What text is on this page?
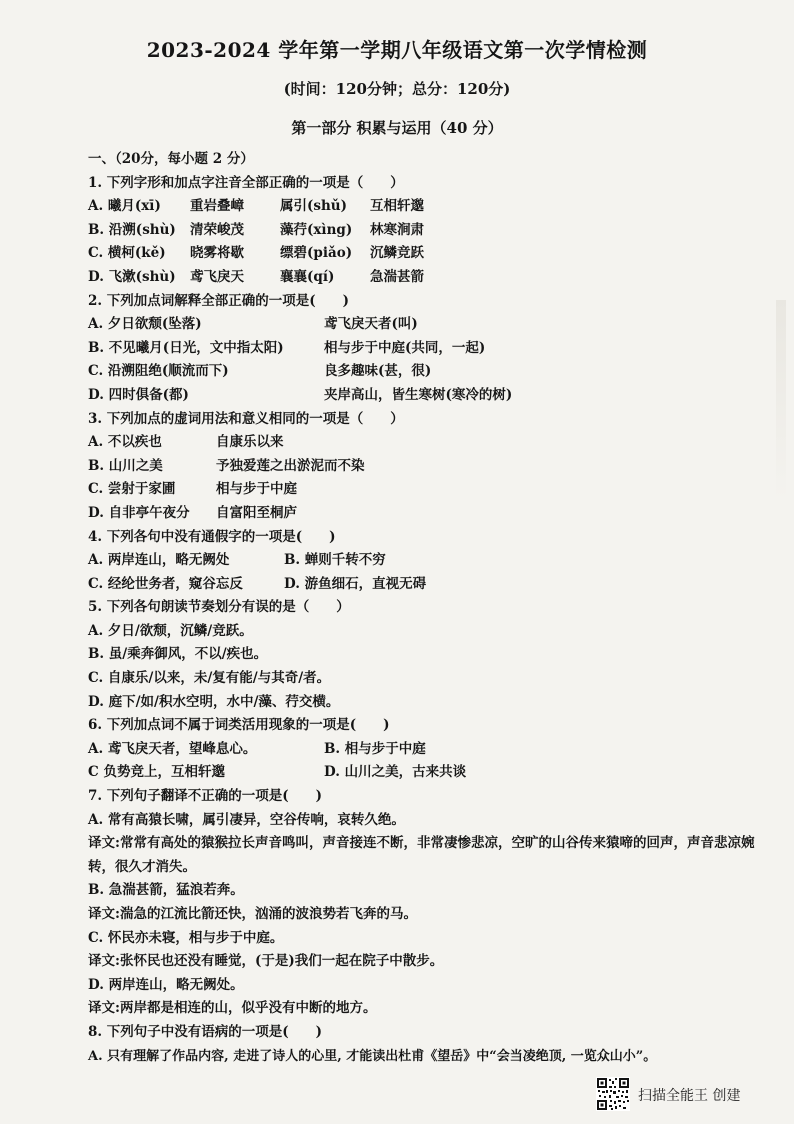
2023-2024 学年第一学期八年级语文第一次学情检测
(时间：120分钟；总分：120分)
第一部分 积累与运用（40 分）
一、（20分，每小题 2 分）
1. 下列字形和加点字注音全部正确的一项是（　　）
A. 曦月(xī) 重岩叠嶂	属引(shǔ) 互相轩邈
B. 沿溯(shù) 清荣峻茂	藻荇(xìng) 林寒涧肃
C. 横柯(kě) 晓雾将歇	缥碧(piǎo) 沉鳞竞跃
D. 飞漱(shù) 鸢飞戾天	襄襄(qí)	急湍甚箭
2. 下列加点词解释全部正确的一项是(　　)
A. 夕日欲颓(坠落)	鸢飞戾天者(叫)
B. 不见曦月(日光，文中指太阳)	相与步于中庭(共同，一起)
C. 沿溯阻绝(顺流而下)	良多趣味(甚，很)
D. 四时俱备(都)	夹岸高山，皆生寒树(寒冷的树)
3. 下列加点的虚词用法和意义相同的一项是（　　）
A. 不以疾也	自康乐以来
B. 山川之美	予独爱莲之出淤泥而不染
C. 尝射于家圃	相与步于中庭
D. 自非亭午夜分 自富阳至桐庐
4. 下列各句中没有通假字的一项是(　　)
A. 两岸连山，略无阙处	B. 蝉则千转不穷
C. 经纶世务者，窥谷忘反	D. 游鱼细石，直视无碍
5. 下列各句朗读节奏划分有误的是（　　）
A. 夕日/欲颓，沉鳞/竞跃。
B. 虽/乘奔御风，不以/疾也。
C. 自康乐/以来，未/复有能/与其奇/者。
D. 庭下/如/积水空明，水中/藻、荇交横。
6. 下列加点词不属于词类活用现象的一项是(　　)
A. 鸢飞戾天者，望峰息心。	B. 相与步于中庭
C 负势竞上，互相轩邈	D. 山川之美，古来共谈
7. 下列句子翻译不正确的一项是(　　)
A. 常有高猿长啸，属引凄异，空谷传响，哀转久绝。
译文:常常有高处的猿猴拉长声音鸣叫，声音接连不断，非常凄惨悲凉，空旷的山谷传来猿啼的回声，声音悲凉婉转，很久才消失。
B. 急湍甚箭，猛浪若奔。
译文:湍急的江流比箭还快，汹涌的波浪势若飞奔的马。
C. 怀民亦未寝，相与步于中庭。
译文:张怀民也还没有睡觉，(于是)我们一起在院子中散步。
D. 两岸连山，略无阙处。
译文:两岸都是相连的山，似乎没有中断的地方。
8. 下列句子中没有语病的一项是(　　)
A. 只有理解了作品内容, 走进了诗人的心里, 才能读出杜甫《望岳》中“会当凌绝顶, 一览众山小”。
扫描全能王 创建
